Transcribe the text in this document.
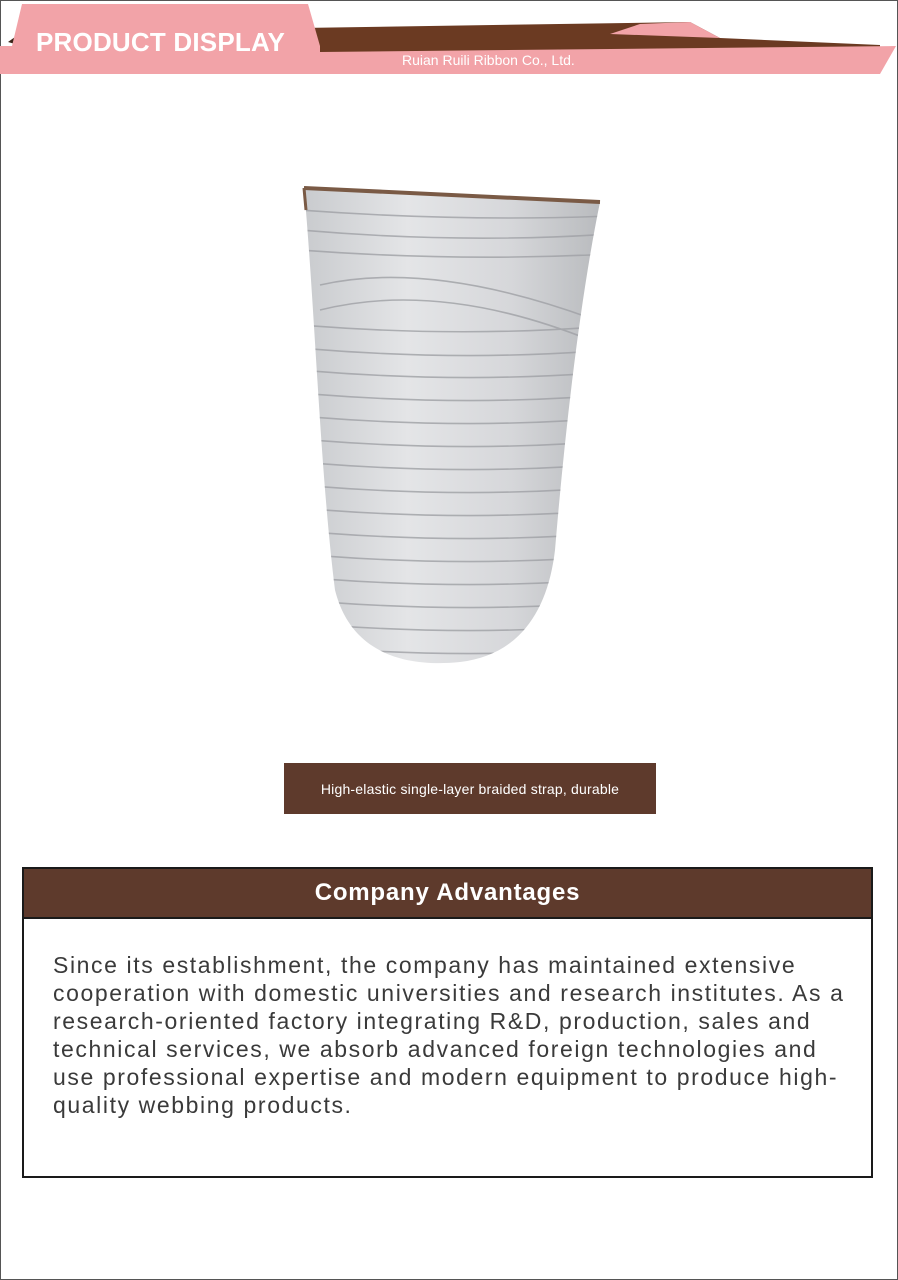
PRODUCT DISPLAY
Ruian Ruili Ribbon Co., Ltd.
High-elastic single-layer braided strap, durable
Company Advantages

Since its establishment, the company has maintained extensive cooperation with domestic universities and research institutes. As a research-oriented factory integrating R&D, production, sales and technical services, we absorb advanced foreign technologies and use professional expertise and modern equipment to produce high-quality webbing products.
